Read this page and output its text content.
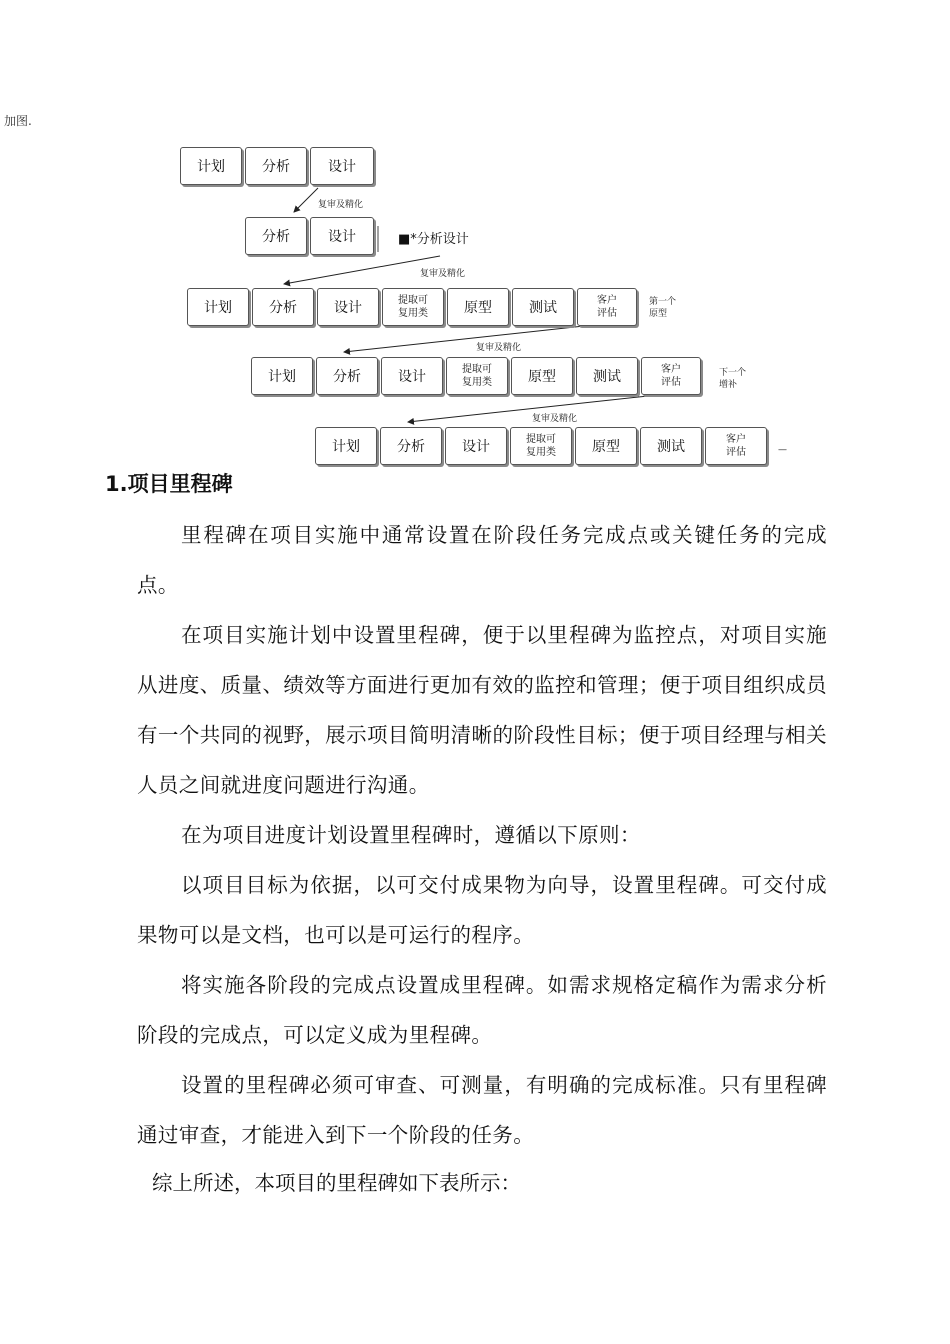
加图.
计划	分析	设计
复审及精化
分析	设计	■*分析设计
复审及精化
计划	分析	设计	提取可
复用类	原型	测试	客户
评估
第一个
原型
复审及精化
计划	分析	设计	提取可
复用类	原型	测试	客户
评估
下一个
增补
复审及精化
计划	分析	设计	提取可
复用类	原型	测试	客户
评估	—
1.项目里程碑

里程碑在项目实施中通常设置在阶段任务完成点或关键任务的完成点。

在项目实施计划中设置里程碑，便于以里程碑为监控点，对项目实施从进度、质量、绩效等方面进行更加有效的监控和管理；便于项目组织成员有一个共同的视野，展示项目简明清晰的阶段性目标；便于项目经理与相关人员之间就进度问题进行沟通。

在为项目进度计划设置里程碑时，遵循以下原则：

以项目目标为依据，以可交付成果物为向导，设置里程碑。可交付成果物可以是文档，也可以是可运行的程序。

将实施各阶段的完成点设置成里程碑。如需求规格定稿作为需求分析阶段的完成点，可以定义成为里程碑。

设置的里程碑必须可审查、可测量，有明确的完成标准。只有里程碑通过审查，才能进入到下一个阶段的任务。

综上所述，本项目的里程碑如下表所示：
